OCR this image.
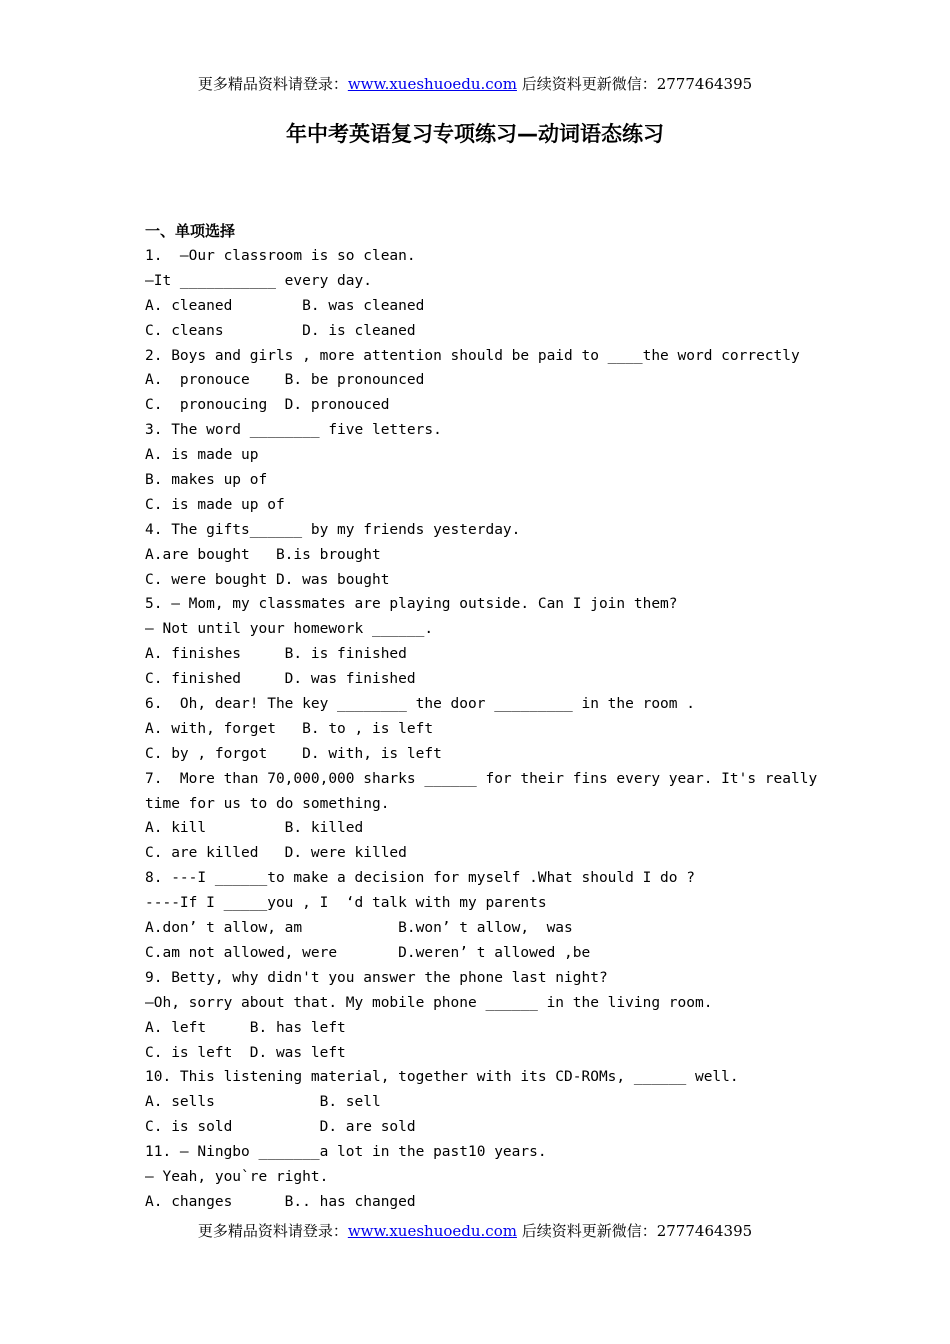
更多精品资料请登录：www.xueshuoedu.com 后续资料更新微信：2777464395
年中考英语复习专项练习—动词语态练习
一、单项选择
1.  —Our classroom is so clean.
—It ___________ every day.
A. cleaned        B. was cleaned
C. cleans         D. is cleaned
2. Boys and girls , more attention should be paid to ____the word correctly
A.  pronouce    B. be pronounced
C.  pronoucing  D. pronouced
3. The word ________ five letters.
A. is made up
B. makes up of
C. is made up of
4. The gifts______ by my friends yesterday.
A.are bought   B.is brought
C. were bought D. was bought
5. — Mom, my classmates are playing outside. Can I join them?
— Not until your homework ______.
A. finishes     B. is finished
C. finished     D. was finished
6.  Oh, dear! The key ________ the door _________ in the room .
A. with, forget   B. to , is left
C. by , forgot    D. with, is left
7.  More than 70,000,000 sharks ______ for their fins every year. It's really
time for us to do something.
A. kill         B. killed
C. are killed   D. were killed
8. ---I ______to make a decision for myself .What should I do ?
----If I _____you , I  ‘d talk with my parents
A.don’ t allow, am           B.won’ t allow,  was
C.am not allowed, were       D.weren’ t allowed ,be
9. Betty, why didn't you answer the phone last night?
—Oh, sorry about that. My mobile phone ______ in the living room.
A. left     B. has left
C. is left  D. was left
10. This listening material, together with its CD-ROMs, ______ well.
A. sells            B. sell
C. is sold          D. are sold
11. — Ningbo _______a lot in the past10 years.
— Yeah, you`re right.
A. changes      B.. has changed
更多精品资料请登录：www.xueshuoedu.com 后续资料更新微信：2777464395
